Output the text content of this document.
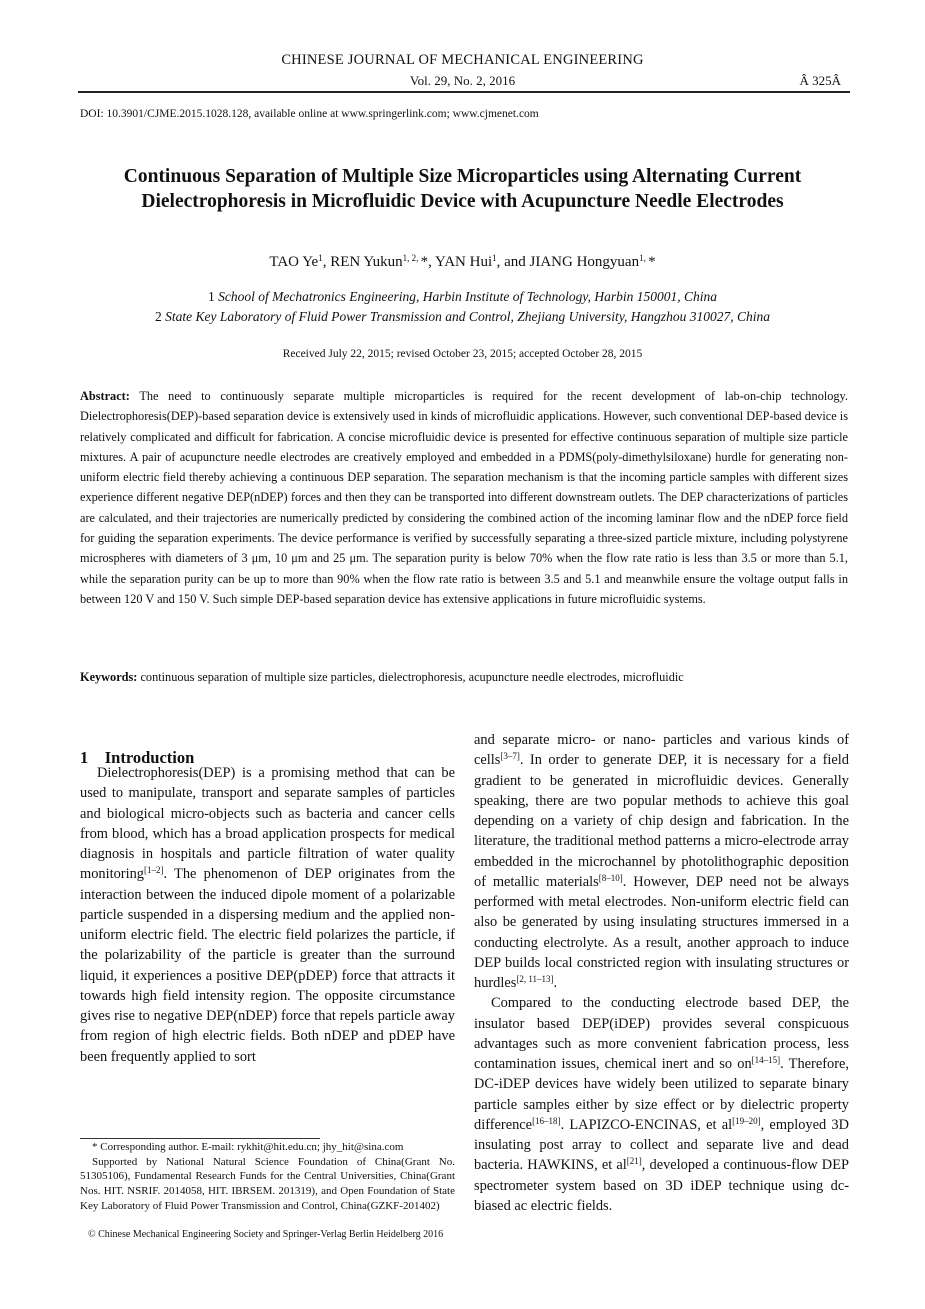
CHINESE JOURNAL OF MECHANICAL ENGINEERING
Vol. 29, No. 2, 2016	Â 325Â
DOI: 10.3901/CJME.2015.1028.128, available online at www.springerlink.com; www.cjmenet.com
Continuous Separation of Multiple Size Microparticles using Alternating Current Dielectrophoresis in Microfluidic Device with Acupuncture Needle Electrodes
TAO Ye$^1$, REN Yukun$^{1, 2,}$ *, YAN Hui$^1$, and JIANG Hongyuan$^{1,}$ *
1 School of Mechatronics Engineering, Harbin Institute of Technology, Harbin 150001, China
2 State Key Laboratory of Fluid Power Transmission and Control, Zhejiang University, Hangzhou 310027, China
Received July 22, 2015; revised October 23, 2015; accepted October 28, 2015
Abstract: The need to continuously separate multiple microparticles is required for the recent development of lab-on-chip technology. Dielectrophoresis(DEP)-based separation device is extensively used in kinds of microfluidic applications. However, such conventional DEP-based device is relatively complicated and difficult for fabrication. A concise microfluidic device is presented for effective continuous separation of multiple size particle mixtures. A pair of acupuncture needle electrodes are creatively employed and embedded in a PDMS(poly-dimethylsiloxane) hurdle for generating non-uniform electric field thereby achieving a continuous DEP separation. The separation mechanism is that the incoming particle samples with different sizes experience different negative DEP(nDEP) forces and then they can be transported into different downstream outlets. The DEP characterizations of particles are calculated, and their trajectories are numerically predicted by considering the combined action of the incoming laminar flow and the nDEP force field for guiding the separation experiments. The device performance is verified by successfully separating a three-sized particle mixture, including polystyrene microspheres with diameters of 3 μm, 10 μm and 25 μm. The separation purity is below 70% when the flow rate ratio is less than 3.5 or more than 5.1, while the separation purity can be up to more than 90% when the flow rate ratio is between 3.5 and 5.1 and meanwhile ensure the voltage output falls in between 120 V and 150 V. Such simple DEP-based separation device has extensive applications in future microfluidic systems.
Keywords: continuous separation of multiple size particles, dielectrophoresis, acupuncture needle electrodes, microfluidic
1    Introduction

Dielectrophoresis(DEP) is a promising method that can be used to manipulate, transport and separate samples of particles and biological micro-objects such as bacteria and cancer cells from blood, which has a broad application prospects for medical diagnosis in hospitals and particle filtration of water quality monitoring[1–2]. The phenomenon of DEP originates from the interaction between the induced dipole moment of a polarizable particle suspended in a dispersing medium and the applied non-uniform electric field. The electric field polarizes the particle, if the polarizability of the particle is greater than the surround liquid, it experiences a positive DEP(pDEP) force that attracts it towards high field intensity region. The opposite circumstance gives rise to negative DEP(nDEP) force that repels particle away from region of high electric fields. Both nDEP and pDEP have been frequently applied to sort

and separate micro- or nano- particles and various kinds of cells[3–7]. In order to generate DEP, it is necessary for a field gradient to be generated in microfluidic devices. Generally speaking, there are two popular methods to achieve this goal depending on a variety of chip design and fabrication. In the literature, the traditional method patterns a micro-electrode array embedded in the microchannel by photolithographic deposition of metallic materials[8–10]. However, DEP need not be always performed with metal electrodes. Non-uniform electric field can also be generated by using insulating structures immersed in a conducting electrolyte. As a result, another approach to induce DEP builds local constricted region with insulating structures or hurdles[2, 11–13].

Compared to the conducting electrode based DEP, the insulator based DEP(iDEP) provides several conspicuous advantages such as more convenient fabrication process, less contamination issues, chemical inert and so on[14–15]. Therefore, DC-iDEP devices have widely been utilized to separate binary particle samples either by size effect or by dielectric property difference[16–18]. LAPIZCO-ENCINAS, et al[19–20], employed 3D insulating post array to collect and separate live and dead bacteria. HAWKINS, et al[21], developed a continuous-flow DEP spectrometer system based on 3D iDEP technique using dc-biased ac electric fields.

* Corresponding author. E-mail: rykhit@hit.edu.cn; jhy_hit@sina.com
Supported by National Natural Science Foundation of China(Grant No. 51305106), Fundamental Research Funds for the Central Universities, China(Grant Nos. HIT. NSRIF. 2014058, HIT. IBRSEM. 201319), and Open Foundation of State Key Laboratory of Fluid Power Transmission and Control, China(GZKF-201402)
© Chinese Mechanical Engineering Society and Springer-Verlag Berlin Heidelberg 2016
